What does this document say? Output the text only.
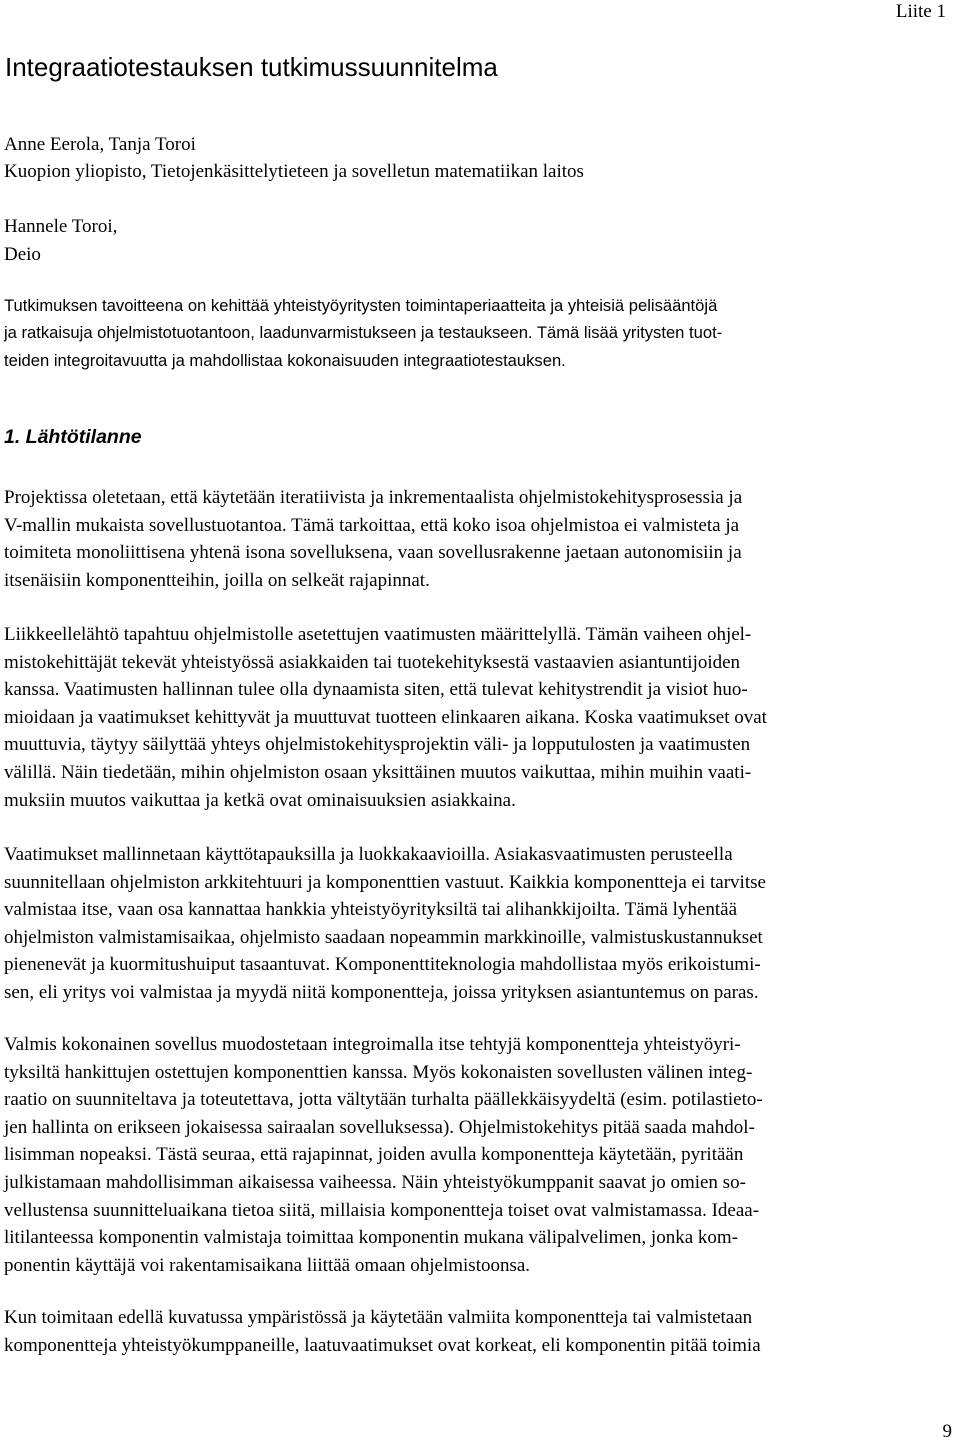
Liite 1
Integraatiotestauksen tutkimussuunnitelma

Anne Eerola, Tanja Toroi

Kuopion yliopisto, Tietojenkäsittelytieteen ja sovelletun matematiikan laitos

Hannele Toroi,

Deio

Tutkimuksen tavoitteena on kehittää yhteistyöyritysten toimintaperiaatteita ja yhteisiä pelisääntöjä
ja ratkaisuja ohjelmistotuotantoon, laadunvarmistukseen ja testaukseen. Tämä lisää yritysten tuot-
teiden integroitavuutta ja mahdollistaa kokonaisuuden integraatiotestauksen.

1. Lähtötilanne

Projektissa oletetaan, että käytetään iteratiivista ja inkrementaalista ohjelmistokehitysprosessia ja
V-mallin mukaista sovellustuotantoa. Tämä tarkoittaa, että koko isoa ohjelmistoa ei valmisteta ja
toimiteta monoliittisena yhtenä isona sovelluksena, vaan sovellusrakenne jaetaan autonomisiin ja
itsenäisiin komponentteihin, joilla on selkeät rajapinnat.

Liikkeellelähtö tapahtuu ohjelmistolle asetettujen vaatimusten määrittelyllä. Tämän vaiheen ohjel-
mistokehittäjät tekevät yhteistyössä asiakkaiden tai tuotekehityksestä vastaavien asiantuntijoiden
kanssa. Vaatimusten hallinnan tulee olla dynaamista siten, että tulevat kehitystrendit ja visiot huo-
mioidaan ja vaatimukset kehittyvät ja muuttuvat tuotteen elinkaaren aikana. Koska vaatimukset ovat
muuttuvia, täytyy säilyttää yhteys ohjelmistokehitysprojektin väli- ja lopputulosten ja vaatimusten
välillä. Näin tiedetään, mihin ohjelmiston osaan yksittäinen muutos vaikuttaa, mihin muihin vaati-
muksiin muutos vaikuttaa ja ketkä ovat ominaisuuksien asiakkaina.

Vaatimukset mallinnetaan käyttötapauksilla ja luokkakaavioilla. Asiakasvaatimusten perusteella
suunnitellaan ohjelmiston arkkitehtuuri ja komponenttien vastuut. Kaikkia komponentteja ei tarvitse
valmistaa itse, vaan osa kannattaa hankkia yhteistyöyrityksiltä tai alihankkijoilta. Tämä lyhentää
ohjelmiston valmistamisaikaa, ohjelmisto saadaan nopeammin markkinoille, valmistuskustannukset
pienenevät ja kuormitushuiput tasaantuvat. Komponenttiteknologia mahdollistaa myös erikoistumi-
sen, eli yritys voi valmistaa ja myydä niitä komponentteja, joissa yrityksen asiantuntemus on paras.

Valmis kokonainen sovellus muodostetaan integroimalla itse tehtyjä komponentteja yhteistyöyri-
tyksiltä hankittujen ostettujen komponenttien kanssa. Myös kokonaisten sovellusten välinen integ-
raatio on suunniteltava ja toteutettava, jotta vältytään turhalta päällekkäisyydeltä (esim. potilastieto-
jen hallinta on erikseen jokaisessa sairaalan sovelluksessa). Ohjelmistokehitys pitää saada mahdol-
lisimman nopeaksi. Tästä seuraa, että rajapinnat, joiden avulla komponentteja käytetään, pyritään
julkistamaan mahdollisimman aikaisessa vaiheessa. Näin yhteistyökumppanit saavat jo omien so-
vellustensa suunnitteluaikana tietoa siitä, millaisia komponentteja toiset ovat valmistamassa. Ideaa-
litilanteessa komponentin valmistaja toimittaa komponentin mukana välipalvelimen, jonka kom-
ponentin käyttäjä voi rakentamisaikana liittää omaan ohjelmistoonsa.

Kun toimitaan edellä kuvatussa ympäristössä ja käytetään valmiita komponentteja tai valmistetaan
komponentteja yhteistyökumppaneille, laatuvaatimukset ovat korkeat, eli komponentin pitää toimia

9
